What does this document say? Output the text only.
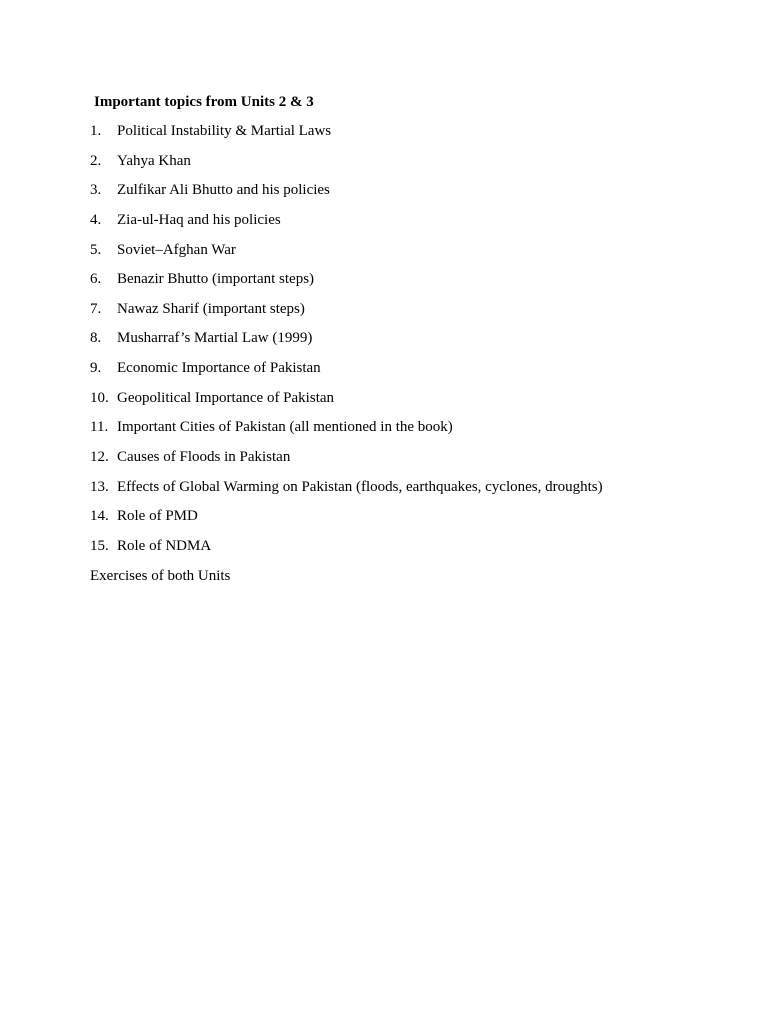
Important topics from Units 2 & 3
1.	Political Instability & Martial Laws
2.	Yahya Khan
3.	Zulfikar Ali Bhutto and his policies
4.	Zia-ul-Haq and his policies
5.	Soviet–Afghan War
6.	Benazir Bhutto (important steps)
7.	Nawaz Sharif (important steps)
8.	Musharraf’s Martial Law (1999)
9.	Economic Importance of Pakistan
10. Geopolitical Importance of Pakistan
11. Important Cities of Pakistan (all mentioned in the book)
12. Causes of Floods in Pakistan
13. Effects of Global Warming on Pakistan (floods, earthquakes, cyclones, droughts)
14. Role of PMD
15. Role of NDMA
Exercises of both Units
